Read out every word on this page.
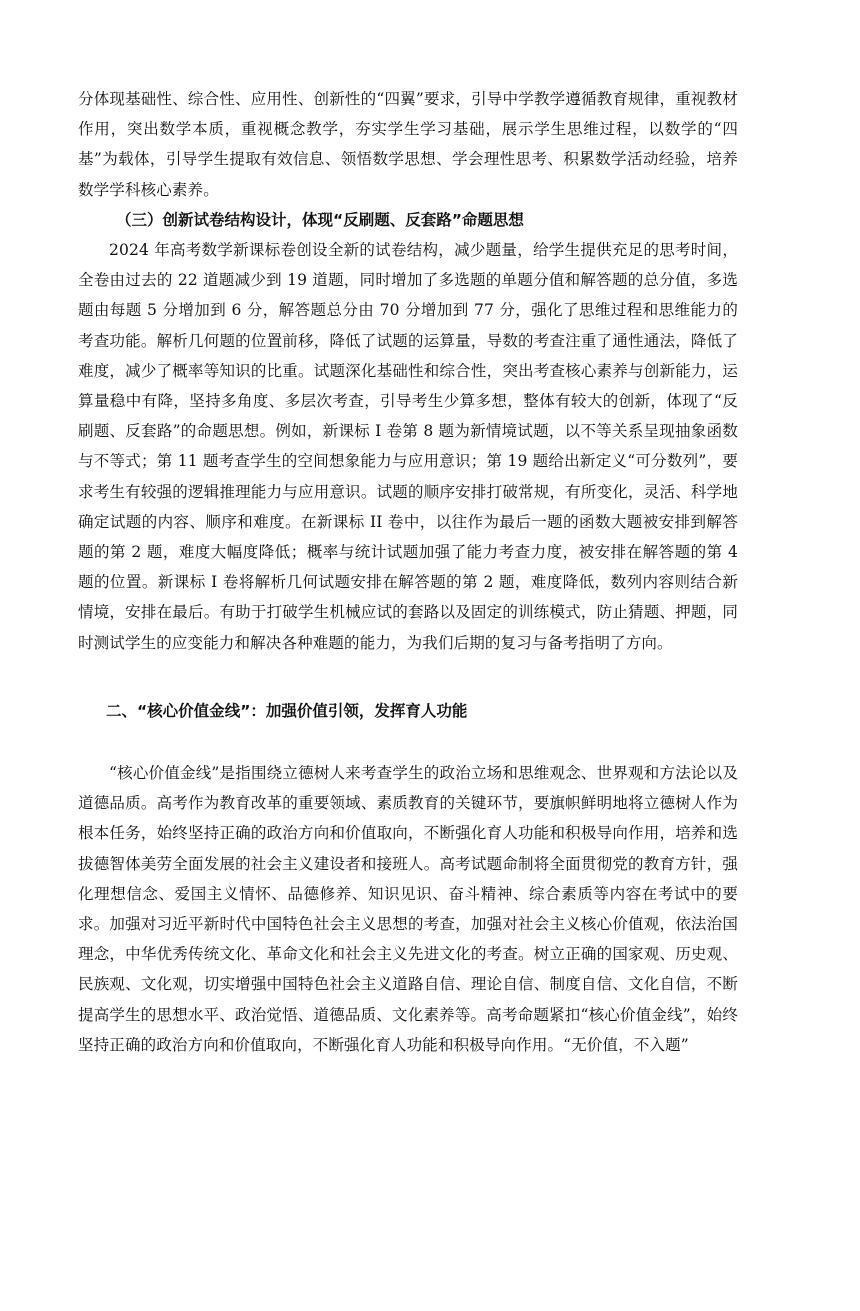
分体现基础性、综合性、应用性、创新性的“四翼”要求，引导中学教学遵循教育规律，重视教材作用，突出数学本质，重视概念教学，夯实学生学习基础，展示学生思维过程，以数学的“四基”为载体，引导学生提取有效信息、领悟数学思想、学会理性思考、积累数学活动经验，培养数学学科核心素养。

（三）创新试卷结构设计，体现“反刷题、反套路”命题思想

2024 年高考数学新课标卷创设全新的试卷结构，减少题量，给学生提供充足的思考时间，全卷由过去的 22 道题减少到 19 道题，同时增加了多选题的单题分值和解答题的总分值，多选题由每题 5 分增加到 6 分，解答题总分由 70 分增加到 77 分，强化了思维过程和思维能力的考查功能。解析几何题的位置前移，降低了试题的运算量，导数的考查注重了通性通法，降低了难度，减少了概率等知识的比重。试题深化基础性和综合性，突出考查核心素养与创新能力，运算量稳中有降，坚持多角度、多层次考查，引导考生少算多想，整体有较大的创新，体现了“反刷题、反套路”的命题思想。例如，新课标 I 卷第 8 题为新情境试题，以不等关系呈现抽象函数与不等式；第 11 题考查学生的空间想象能力与应用意识；第 19 题给出新定义“可分数列”，要求考生有较强的逻辑推理能力与应用意识。试题的顺序安排打破常规，有所变化，灵活、科学地确定试题的内容、顺序和难度。在新课标 II 卷中，以往作为最后一题的函数大题被安排到解答题的第 2 题，难度大幅度降低；概率与统计试题加强了能力考查力度，被安排在解答题的第 4 题的位置。新课标 I 卷将解析几何试题安排在解答题的第 2 题，难度降低，数列内容则结合新情境，安排在最后。有助于打破学生机械应试的套路以及固定的训练模式，防止猜题、押题，同时测试学生的应变能力和解决各种难题的能力，为我们后期的复习与备考指明了方向。

二、“核心价值金线”：加强价值引领，发挥育人功能

“核心价值金线”是指围绕立德树人来考查学生的政治立场和思维观念、世界观和方法论以及道德品质。高考作为教育改革的重要领域、素质教育的关键环节，要旗帜鲜明地将立德树人作为根本任务，始终坚持正确的政治方向和价值取向，不断强化育人功能和积极导向作用，培养和选拔德智体美劳全面发展的社会主义建设者和接班人。高考试题命制将全面贯彻党的教育方针，强化理想信念、爱国主义情怀、品德修养、知识见识、奋斗精神、综合素质等内容在考试中的要求。加强对习近平新时代中国特色社会主义思想的考查，加强对社会主义核心价值观，依法治国理念，中华优秀传统文化、革命文化和社会主义先进文化的考查。树立正确的国家观、历史观、民族观、文化观，切实增强中国特色社会主义道路自信、理论自信、制度自信、文化自信，不断提高学生的思想水平、政治觉悟、道德品质、文化素养等。高考命题紧扣“核心价值金线”，始终坚持正确的政治方向和价值取向，不断强化育人功能和积极导向作用。“无价值，不入题”
